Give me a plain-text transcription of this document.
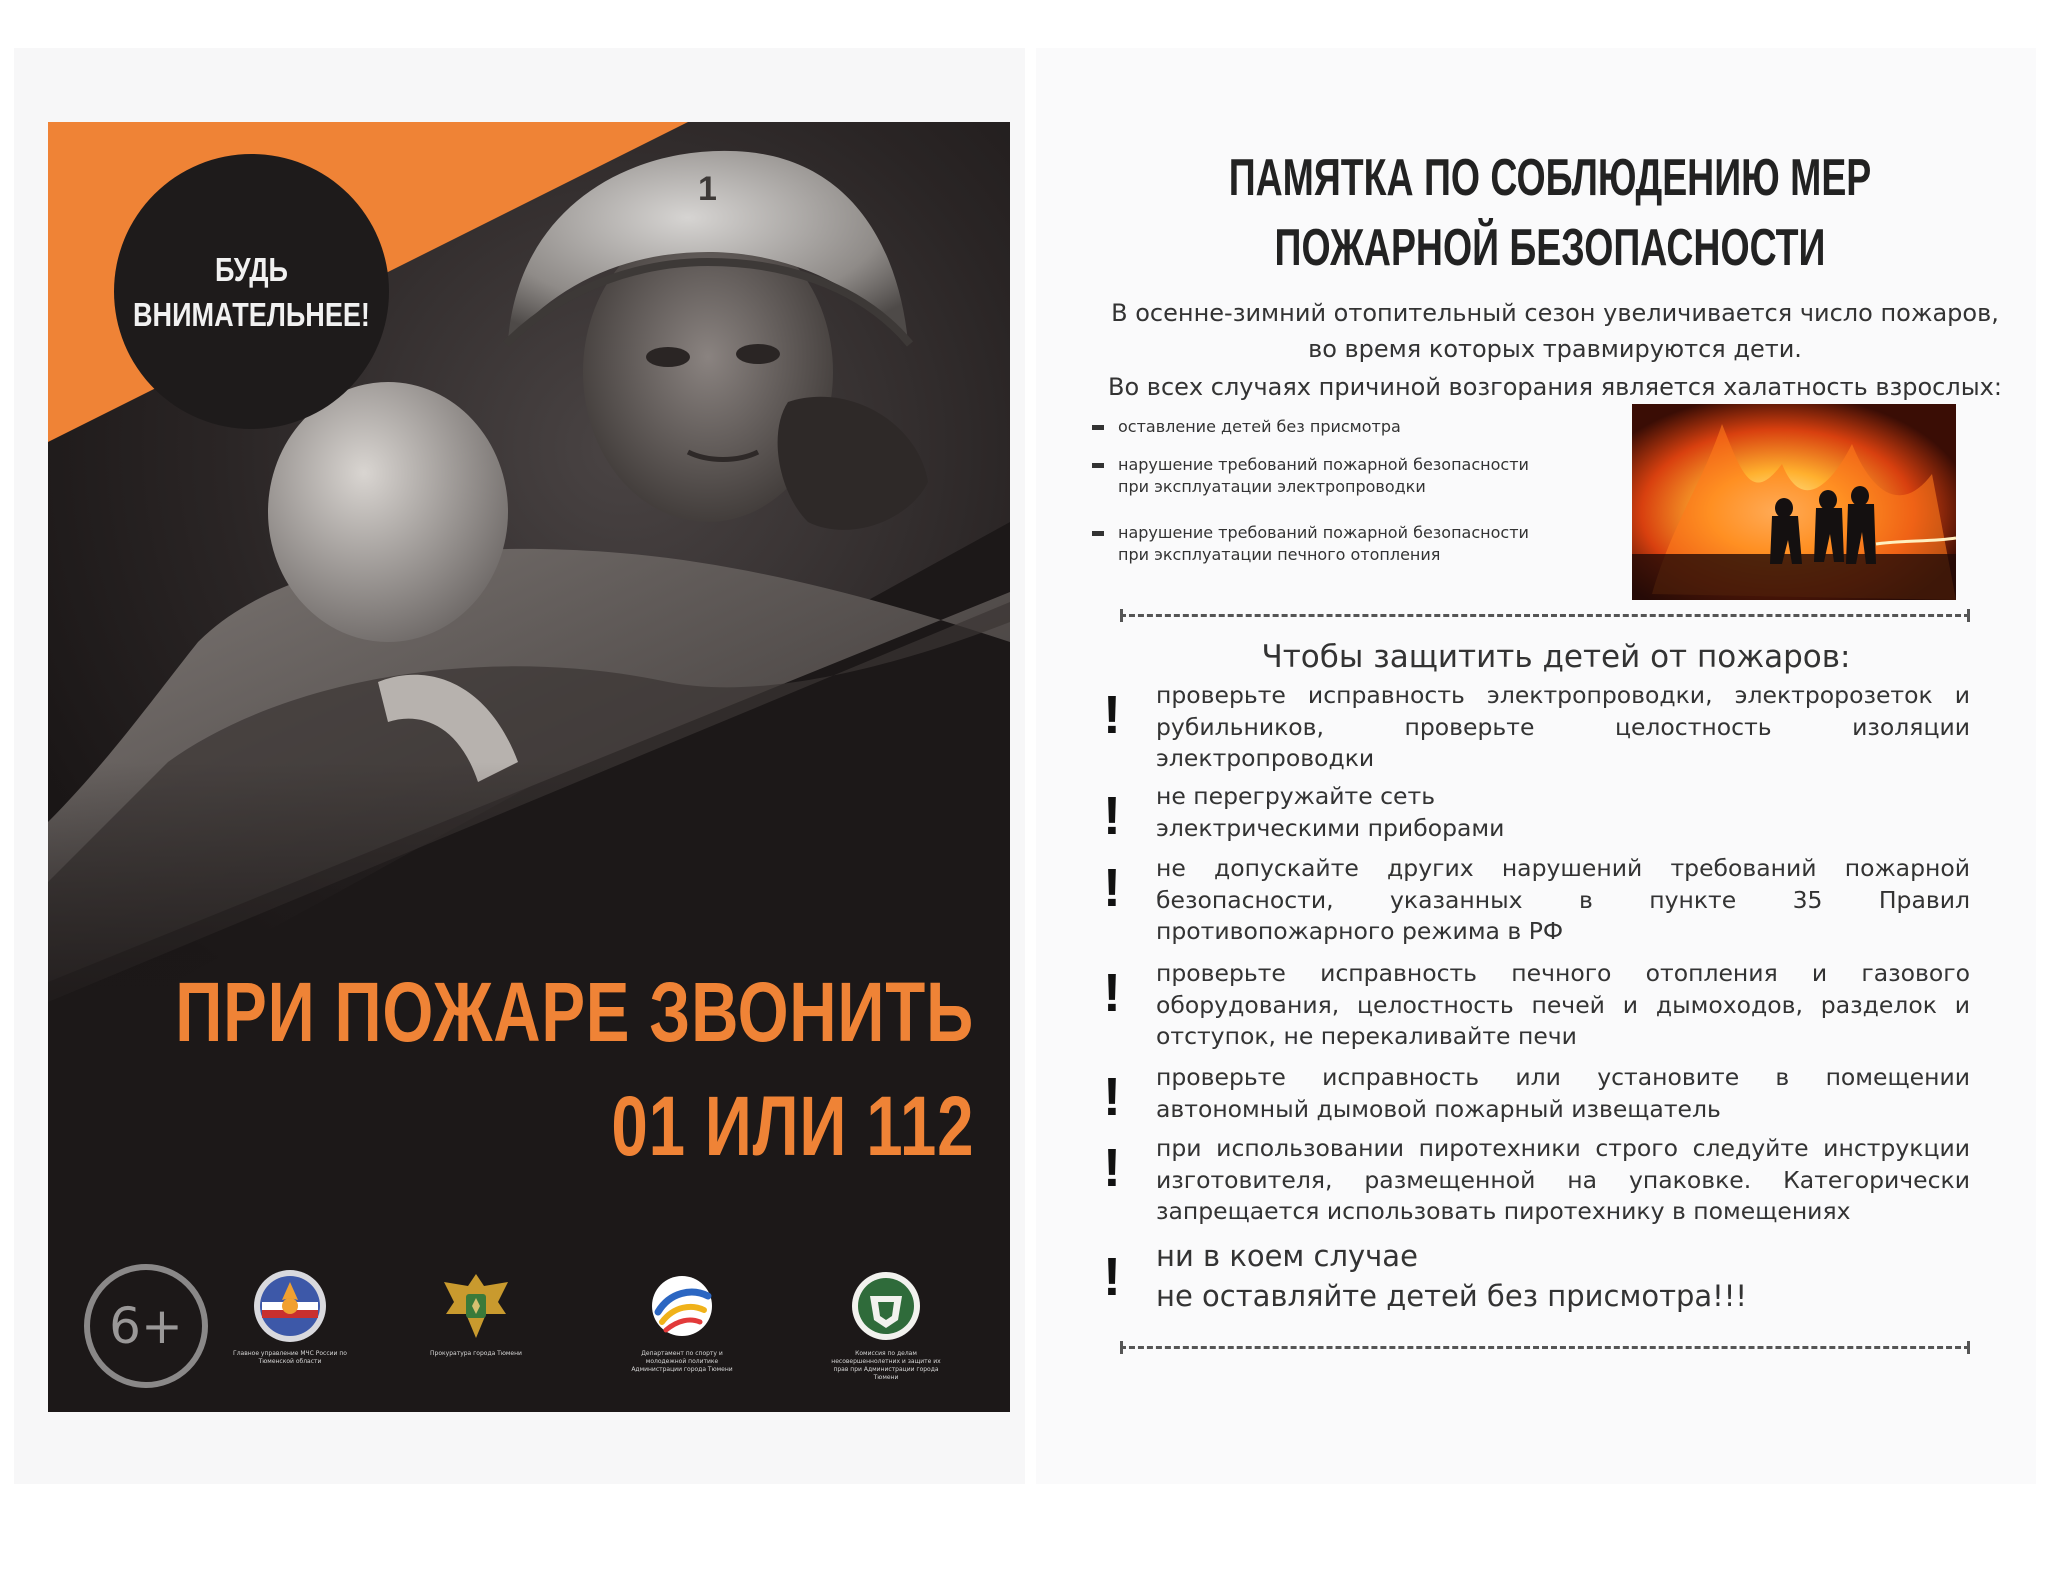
1
БУДЬ
ВНИМАТЕЛЬНЕЕ!
ПРИ ПОЖАРЕ ЗВОНИТЬ
01 ИЛИ 112
6+	Главное управление МЧС России по Тюменской области
Прокуратура города Тюмени	Департамент по спорту и молодежной политике Администрации города Тюмени
Комиссия по делам несовершеннолетних и защите их прав при Администрации города Тюмени
ПАМЯТКА ПО СОБЛЮДЕНИЮ МЕР
ПОЖАРНОЙ БЕЗОПАСНОСТИ
В осенне-зимний отопительный сезон увеличивается число пожаров,
во время которых травмируются дети.
Во всех случаях причиной возгорания является халатность взрослых:
оставление детей без присмотра
нарушение требований пожарной безопасности
при эксплуатации электропроводки
нарушение требований пожарной безопасности
при эксплуатации печного отопления
Чтобы защитить детей от пожаров:
!	проверьте исправность электропроводки, электророзеток и рубильников, проверьте целостность изоляции электропроводки
!	не перегружайте сеть
электрическими приборами
!	не допускайте других нарушений требований пожарной безопасности, указанных в пункте 35 Правил противопожарного режима в РФ
!	проверьте исправность печного отопления и газового оборудования, целостность печей и дымоходов, разделок и отступок, не перекаливайте печи
!	проверьте исправность или установите в помещении автономный дымовой пожарный извещатель
!	при использовании пиротехники строго следуйте инструкции изготовителя, размещенной на упаковке. Категорически запрещается использовать пиротехнику в помещениях
!	ни в коем случае
не оставляйте детей без присмотра!!!
